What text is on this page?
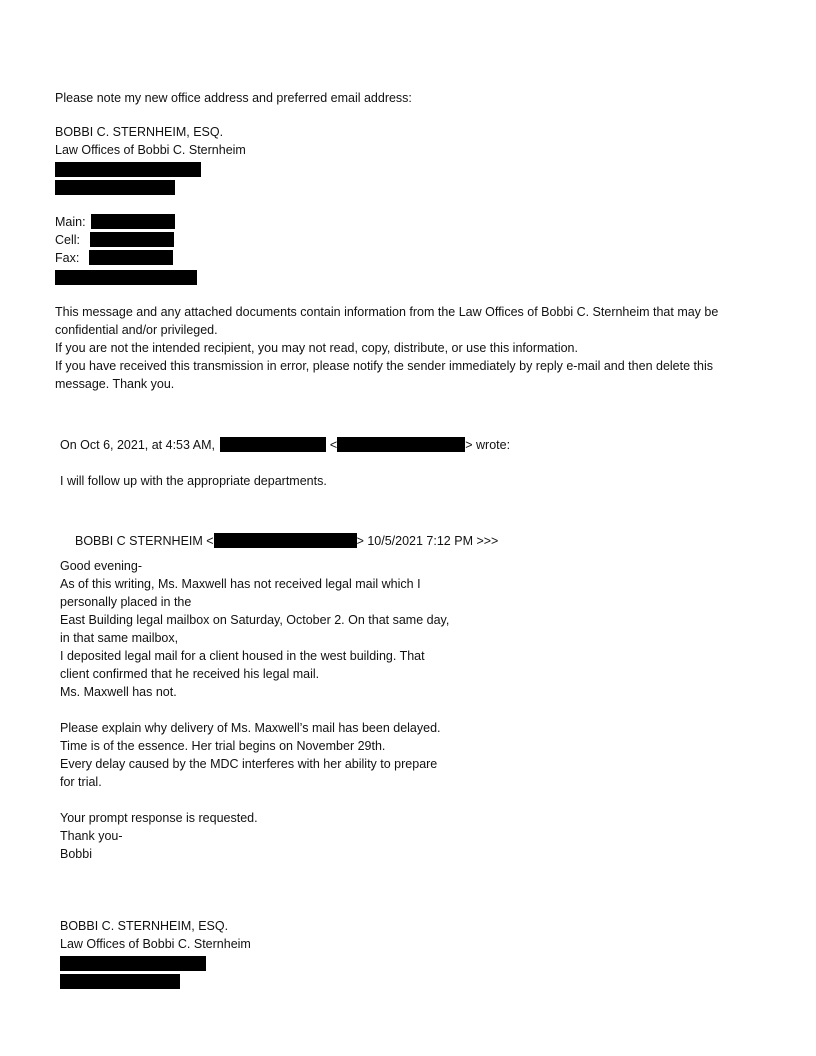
Please note my new office address and preferred email address:
BOBBI C. STERNHEIM, ESQ.
Law Offices of Bobbi C. Sternheim
Main:
Cell:
Fax:
This message and any attached documents contain information from the Law Offices of Bobbi C. Sternheim that may be confidential and/or privileged.
If you are not the intended recipient, you may not read, copy, distribute, or use this information.
If you have received this transmission in error, please notify the sender immediately by reply e-mail and then delete this message. Thank you.
On Oct 6, 2021, at 4:53 AM,	<	> wrote:
I will follow up with the appropriate departments.
BOBBI C STERNHEIM <	> 10/5/2021 7:12 PM >>>
Good evening-
As of this writing, Ms. Maxwell has not received legal mail which I
personally placed in the
East Building legal mailbox on Saturday, October 2. On that same day,
in that same mailbox,
I deposited legal mail for a client housed in the west building. That
client confirmed that he received his legal mail.
Ms. Maxwell has not.
Please explain why delivery of Ms. Maxwell’s mail has been delayed.
Time is of the essence. Her trial begins on November 29th.
Every delay caused by the MDC interferes with her ability to prepare
for trial.
Your prompt response is requested.
Thank you-
Bobbi
BOBBI C. STERNHEIM, ESQ.
Law Offices of Bobbi C. Sternheim
